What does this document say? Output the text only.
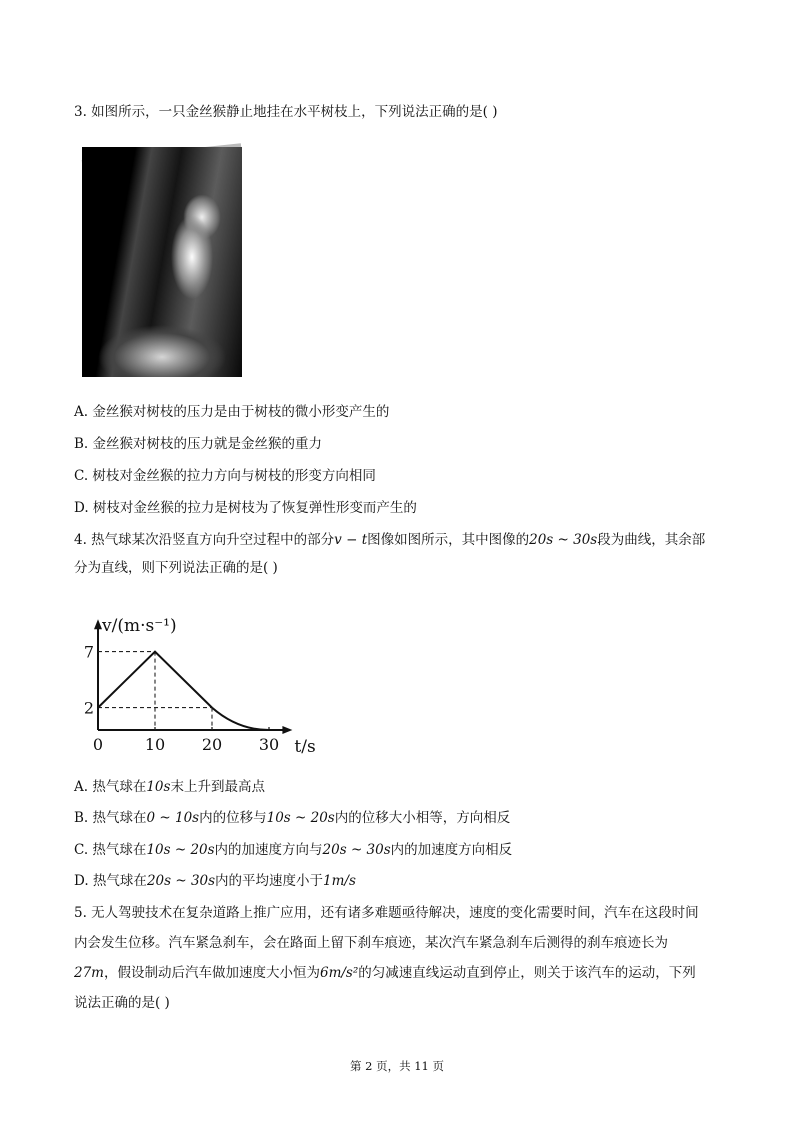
3. 如图所示，一只金丝猴静止地挂在水平树枝上，下列说法正确的是( )
A. 金丝猴对树枝的压力是由于树枝的微小形变产生的
B. 金丝猴对树枝的压力就是金丝猴的重力
C. 树枝对金丝猴的拉力方向与树枝的形变方向相同
D. 树枝对金丝猴的拉力是树枝为了恢复弹性形变而产生的
4. 热气球某次沿竖直方向升空过程中的部分v − t图像如图所示，其中图像的20s ~ 30s段为曲线，其余部
分为直线，则下列说法正确的是( )
0	10 20 30
2
7
t/s
v/(m·s⁻¹)
A. 热气球在10s末上升到最高点
B. 热气球在0 ~ 10s内的位移与10s ~ 20s内的位移大小相等，方向相反
C. 热气球在10s ~ 20s内的加速度方向与20s ~ 30s内的加速度方向相反
D. 热气球在20s ~ 30s内的平均速度小于1m/s
5. 无人驾驶技术在复杂道路上推广应用，还有诸多难题亟待解决，速度的变化需要时间，汽车在这段时间
内会发生位移。汽车紧急刹车，会在路面上留下刹车痕迹，某次汽车紧急刹车后测得的刹车痕迹长为
27m，假设制动后汽车做加速度大小恒为6m/s²的匀减速直线运动直到停止，则关于该汽车的运动，下列
说法正确的是( )
第 2 页，共 11 页
